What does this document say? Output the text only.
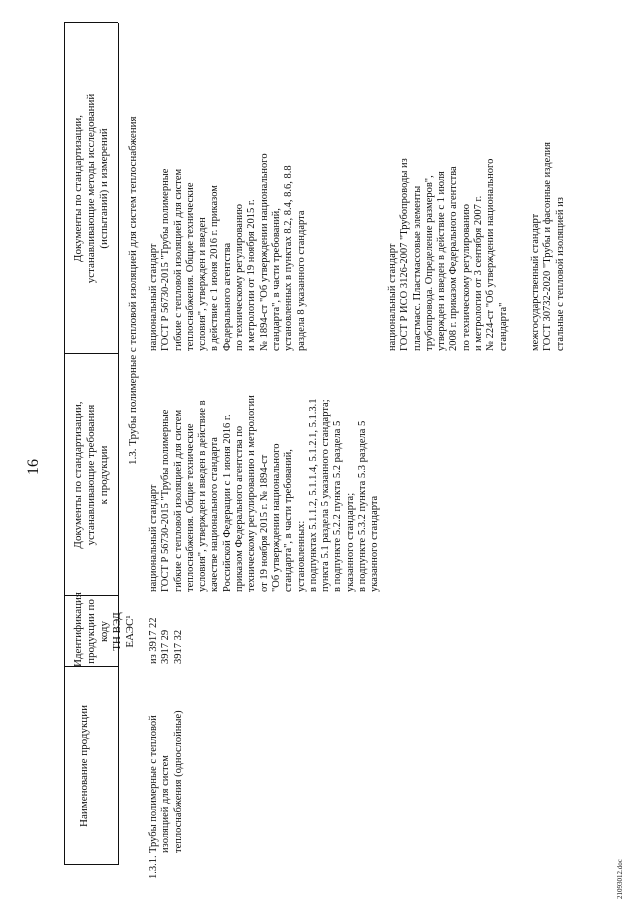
16
Наименование продукции
Идентификация продукции по коду ТН ВЭД ЕАЭС¹
Документы по стандартизации, устанавливающие требования к продукции
Документы по стандартизации, устанавливающие методы исследований (испытаний) и измерений 1.3. Трубы полимерные с тепловой изоляцией для систем теплоснабжения
1.3.1.
Трубы полимерные с тепловой изоляцией для систем теплоснабжения (однослойные)
из 3917 22 3917 29 3917 32
национальный стандарт ГОСТ Р 56730-2015 "Трубы полимерные гибкие с тепловой изоляцией для систем теплоснабжения. Общие технические условия", утвержден и введен в действие в качестве национального стандарта Российской Федерации с 1 июня 2016 г. приказом Федерального агентства по техническому регулированию и метрологии от 19 ноября 2015 г. № 1894-ст "Об утверждении национального стандарта", в части требований, установленных: в подпунктах 5.1.1.2, 5.1.1.4, 5.1.2.1, 5.1.3.1 пункта 5.1 раздела 5 указанного стандарта; в подпункте 5.2.2 пункта 5.2 раздела 5 указанного стандарта; в подпункте 5.3.2 пункта 5.3 раздела 5 указанного стандарта
национальный стандарт ГОСТ Р 56730-2015 "Трубы полимерные гибкие с тепловой изоляцией для систем теплоснабжения. Общие технические условия", утвержден и введен в действие с 1 июня 2016 г. приказом Федерального агентства по техническому регулированию и метрологии от 19 ноября 2015 г. № 1894-ст "Об утверждении национального стандарта", в части требований, установленных в пунктах 8.2, 8.4, 8.6, 8.8 раздела 8 указанного стандарта	национальный стандарт ГОСТ Р ИСО 3126-2007 "Трубопроводы из пластмасс. Пластмассовые элементы трубопровода. Определение размеров", утвержден и введен в действие с 1 июля 2008 г. приказом Федерального агентства по техническому регулированию и метрологии от 3 сентября 2007 г. № 224-ст "Об утверждении национального стандарта" межгосударственный стандарт ГОСТ 30732-2020 "Трубы и фасонные изделия стальные с тепловой изоляцией из
21093012.doc
